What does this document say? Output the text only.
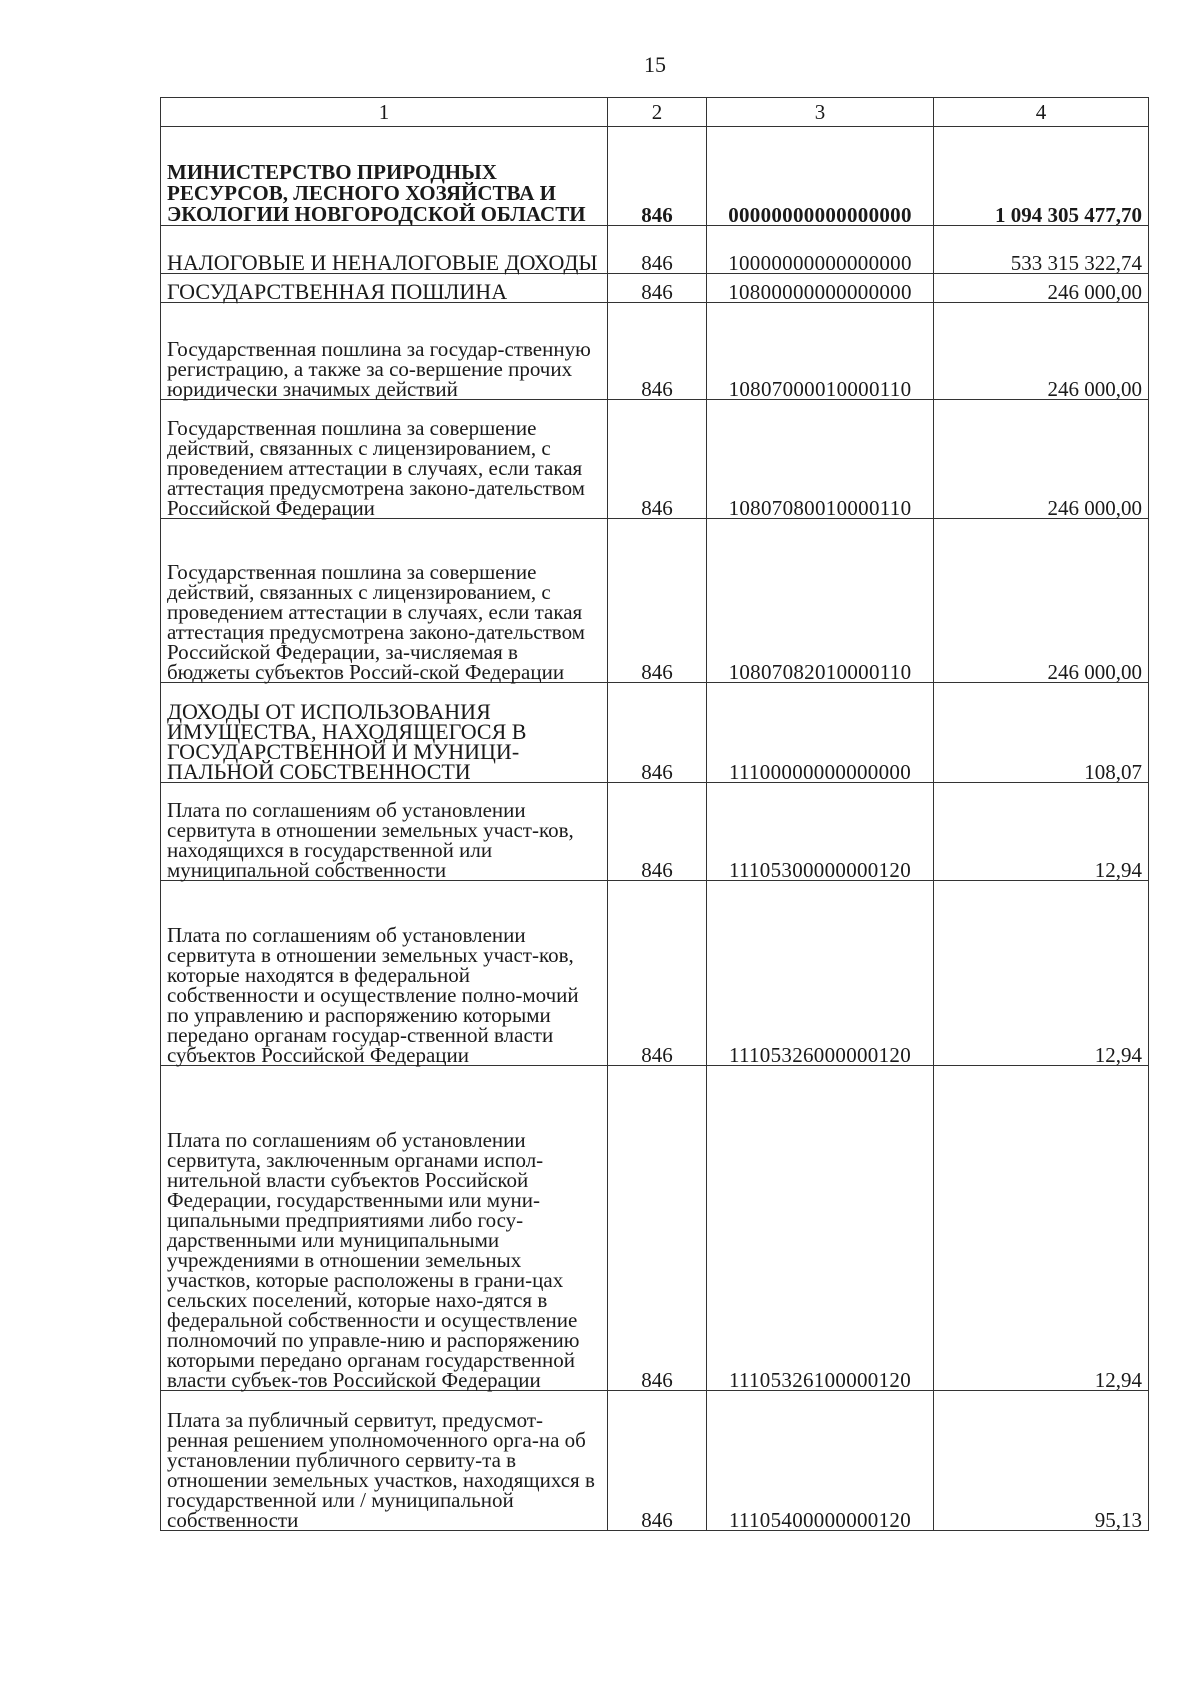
15
1	2	3	4
МИНИСТЕРСТВО ПРИРОДНЫХ РЕСУРСОВ, ЛЕСНОГО ХОЗЯЙСТВА И ЭКОЛОГИИ НОВГОРОДСКОЙ ОБЛАСТИ	846	00000000000000000	1 094 305 477,70
НАЛОГОВЫЕ И НЕНАЛОГОВЫЕ ДОХОДЫ	846	10000000000000000	533 315 322,74
ГОСУДАРСТВЕННАЯ ПОШЛИНА	846	10800000000000000	246 000,00
Государственная пошлина за государ-ственную регистрацию, а также за со-вершение прочих юридически значимых действий	846	10807000010000110	246 000,00
Государственная пошлина за совершение действий, связанных с лицензированием, с проведением аттестации в случаях, если такая аттестация предусмотрена законо-дательством Российской Федерации	846	10807080010000110	246 000,00
Государственная пошлина за совершение действий, связанных с лицензированием, с проведением аттестации в случаях, если такая аттестация предусмотрена законо-дательством Российской Федерации, за-числяемая в бюджеты субъектов Россий-ской Федерации	846	10807082010000110	246 000,00
ДОХОДЫ ОТ ИСПОЛЬЗОВАНИЯ ИМУЩЕСТВА, НАХОДЯЩЕГОСЯ В ГОСУДАРСТВЕННОЙ И МУНИЦИ-ПАЛЬНОЙ СОБСТВЕННОСТИ	846	11100000000000000	108,07
Плата по соглашениям об установлении сервитута в отношении земельных участ-ков, находящихся в государственной или муниципальной собственности	846	11105300000000120	12,94
Плата по соглашениям об установлении сервитута в отношении земельных участ-ков, которые находятся в федеральной собственности и осуществление полно-мочий по управлению и распоряжению которыми передано органам государ-ственной власти субъектов Российской Федерации	846	11105326000000120	12,94
Плата по соглашениям об установлении сервитута, заключенным органами испол-нительной власти субъектов Российской Федерации, государственными или муни-ципальными предприятиями либо госу-дарственными или муниципальными учреждениями в отношении земельных участков, которые расположены в грани-цах сельских поселений, которые нахо-дятся в федеральной собственности и осуществление полномочий по управле-нию и распоряжению которыми передано органам государственной власти субъек-тов Российской Федерации	846	11105326100000120	12,94
Плата за публичный сервитут, предусмот-ренная решением уполномоченного орга-на об установлении публичного сервиту-та в отношении земельных участков, находящихся в государственной или / муниципальной собственности	846	11105400000000120	95,13
